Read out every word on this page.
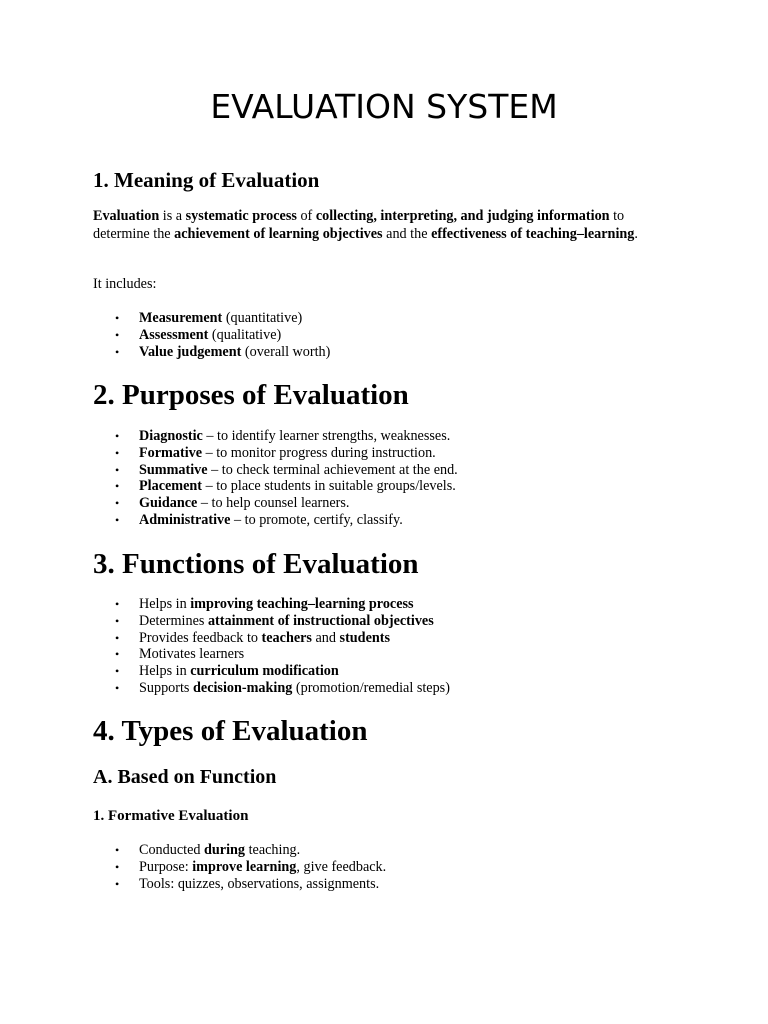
EVALUATION SYSTEM
1. Meaning of Evaluation

Evaluation is a systematic process of collecting, interpreting, and judging information to determine the achievement of learning objectives and the effectiveness of teaching–learning.

It includes:

• Measurement (quantitative)
• Assessment (qualitative)
• Value judgement (overall worth)
2. Purposes of Evaluation
• Diagnostic – to identify learner strengths, weaknesses.
• Formative – to monitor progress during instruction.
• Summative – to check terminal achievement at the end.
• Placement – to place students in suitable groups/levels.
• Guidance – to help counsel learners.
• Administrative – to promote, certify, classify.
3. Functions of Evaluation
• Helps in improving teaching–learning process
• Determines attainment of instructional objectives
• Provides feedback to teachers and students
• Motivates learners
• Helps in curriculum modification
• Supports decision-making (promotion/remedial steps)
4. Types of Evaluation
A. Based on Function
1. Formative Evaluation
• Conducted during teaching.
• Purpose: improve learning, give feedback.
• Tools: quizzes, observations, assignments.
